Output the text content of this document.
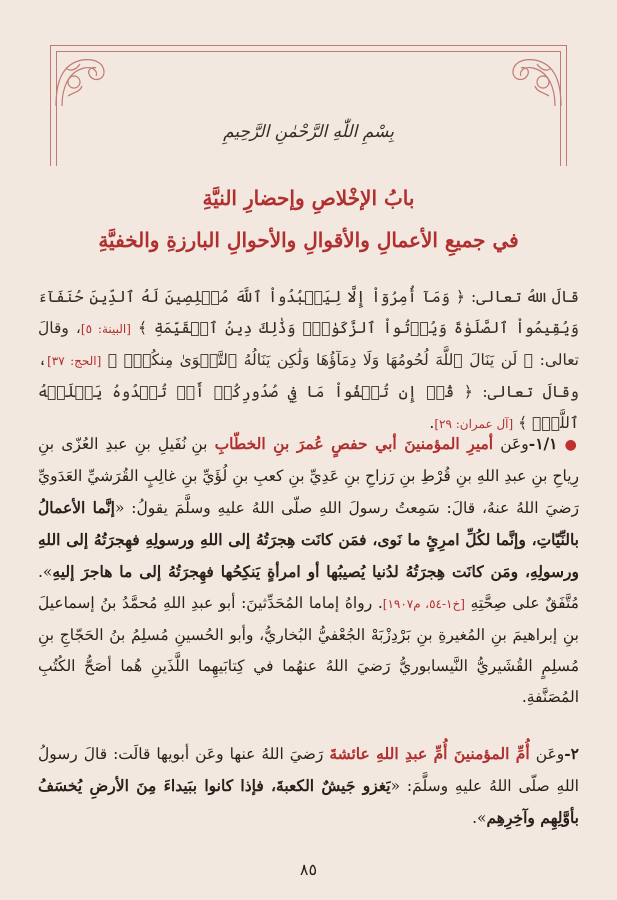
بِسْمِ اللّٰهِ الرَّحْمٰنِ الرَّحِيمِ
بابُ الإخْلاصِ وإحضارِ النيَّةِ
في جميعِ الأعمالِ والأقوالِ والأحوالِ البارزةِ والخفيَّةِ
قالَ اللهُ تعالى: ﴿ وَمَآ أُمِرُوٓاْ إِلَّا لِيَعۡبُدُواْ ٱللَّهَ مُخۡلِصِينَ لَهُ ٱلدِّينَ حُنَفَآءَ وَيُقِيمُواْ ٱلصَّلَوٰةَ وَيُؤۡتُواْ ٱلزَّكَوٰةَۚ وَذَٰلِكَ دِينُ ٱلۡقَيِّمَةِ ﴾ [البينة: ٥]، وقالَ تعالى: ﴿ لَن يَنَالَ ٱللَّهَ لُحُومُهَا وَلَا دِمَآؤُهَا وَلَٰكِن يَنَالُهُ ٱلتَّقۡوَىٰ مِنكُمۡۚ ﴾ [الحج: ٣٧]، وقالَ تعالى: ﴿ قُلۡ إِن تُخۡفُواْ مَا فِي صُدُورِكُمۡ أَوۡ تُبۡدُوهُ يَعۡلَمۡهُ ٱللَّهُۗ ﴾ [آل عمران: ٢٩].
● ١/١-وعَن أميرِ المؤمنينَ أبي حفصٍ عُمرَ بنِ الخطّابِ بنِ نُفَيلِ بنِ عبدِ العُزّى بنِ رِياحِ بنِ عبدِ اللهِ بنِ قُرْطِ بنِ رَزاحِ بنِ عَدِيِّ بنِ كعبِ بنِ لُؤَيِّ بنِ غالِبٍ القُرَشيِّ العَدَويِّ رَضيَ اللهُ عنهُ، قالَ: سَمِعتُ رسولَ اللهِ صلّى اللهُ عليهِ وسلَّمَ يقولُ: «إنَّما الأعمالُ بالنِّيّاتِ، وإنَّما لكُلِّ امرِئٍ ما نَوى، فمَن كانَت هِجرَتُهُ إلى اللهِ ورسولِهِ فهِجرَتُهُ إلى اللهِ ورسولِهِ، ومَن كانَت هِجرَتُهُ لدُنيا يُصيبُها أو امرأةٍ يَنكِحُها فهِجرَتُهُ إلى ما هاجرَ إليهِ». مُتَّفَقٌ على صِحَّتِهِ [خ١-٥٤، م١٩٠٧]. رواهُ إماما المُحَدِّثينَ: أبو عبدِ اللهِ مُحمَّدُ بنُ إسماعيلَ بنِ إبراهيمَ بنِ المُغيرةِ بنِ بَرْدِزْبَهْ الجُعْفيُّ البُخاريُّ، وأبو الحُسينِ مُسلِمُ بنُ الحَجّاجِ بنِ مُسلِمٍ القُشَيريُّ النَّيسابوريُّ رَضيَ اللهُ عنهُما في كِتابَيهِما اللَّذَينِ هُما أصَحُّ الكُتُبِ المُصَنَّفةِ.
٢-وعَن أُمِّ المؤمنينَ أُمِّ عبدِ اللهِ عائشةَ رَضيَ اللهُ عنها وعَن أبويها قالَت: قالَ رسولُ اللهِ صلّى اللهُ عليهِ وسلَّمَ: «يَغزو جَيشٌ الكعبةَ، فإذا كانوا ببَيداءَ مِنَ الأرضِ يُخسَفُ بأوَّلِهِم وآخِرِهِم».
٨٥
